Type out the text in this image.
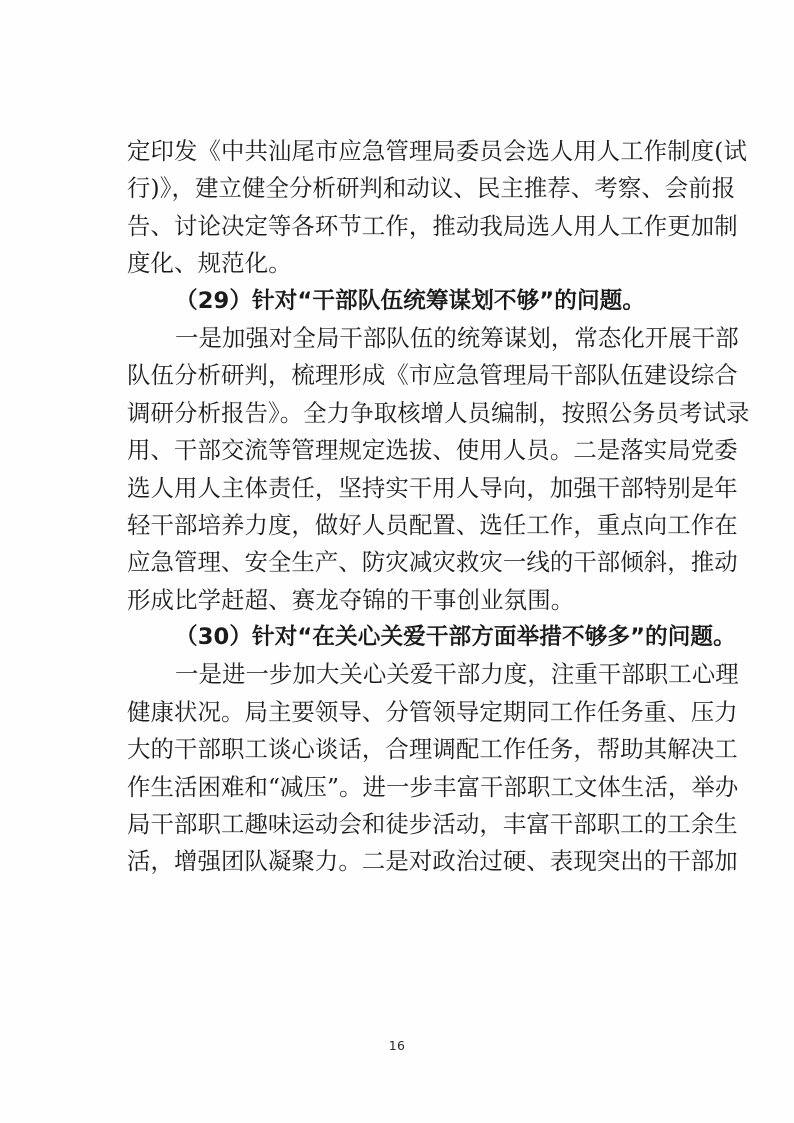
定印发《中共汕尾市应急管理局委员会选人用人工作制度(试
行)》，建立健全分析研判和动议、民主推荐、考察、会前报
告、讨论决定等各环节工作，推动我局选人用人工作更加制
度化、规范化。
（29）针对“干部队伍统筹谋划不够”的问题。
一是加强对全局干部队伍的统筹谋划，常态化开展干部
队伍分析研判，梳理形成《市应急管理局干部队伍建设综合
调研分析报告》。全力争取核增人员编制，按照公务员考试录
用、干部交流等管理规定选拔、使用人员。二是落实局党委
选人用人主体责任，坚持实干用人导向，加强干部特别是年
轻干部培养力度，做好人员配置、选任工作，重点向工作在
应急管理、安全生产、防灾减灾救灾一线的干部倾斜，推动
形成比学赶超、赛龙夺锦的干事创业氛围。
（30）针对“在关心关爱干部方面举措不够多”的问题。
一是进一步加大关心关爱干部力度，注重干部职工心理
健康状况。局主要领导、分管领导定期同工作任务重、压力
大的干部职工谈心谈话，合理调配工作任务，帮助其解决工
作生活困难和“减压”。进一步丰富干部职工文体生活，举办
局干部职工趣味运动会和徒步活动，丰富干部职工的工余生
活，增强团队凝聚力。二是对政治过硬、表现突出的干部加
16
